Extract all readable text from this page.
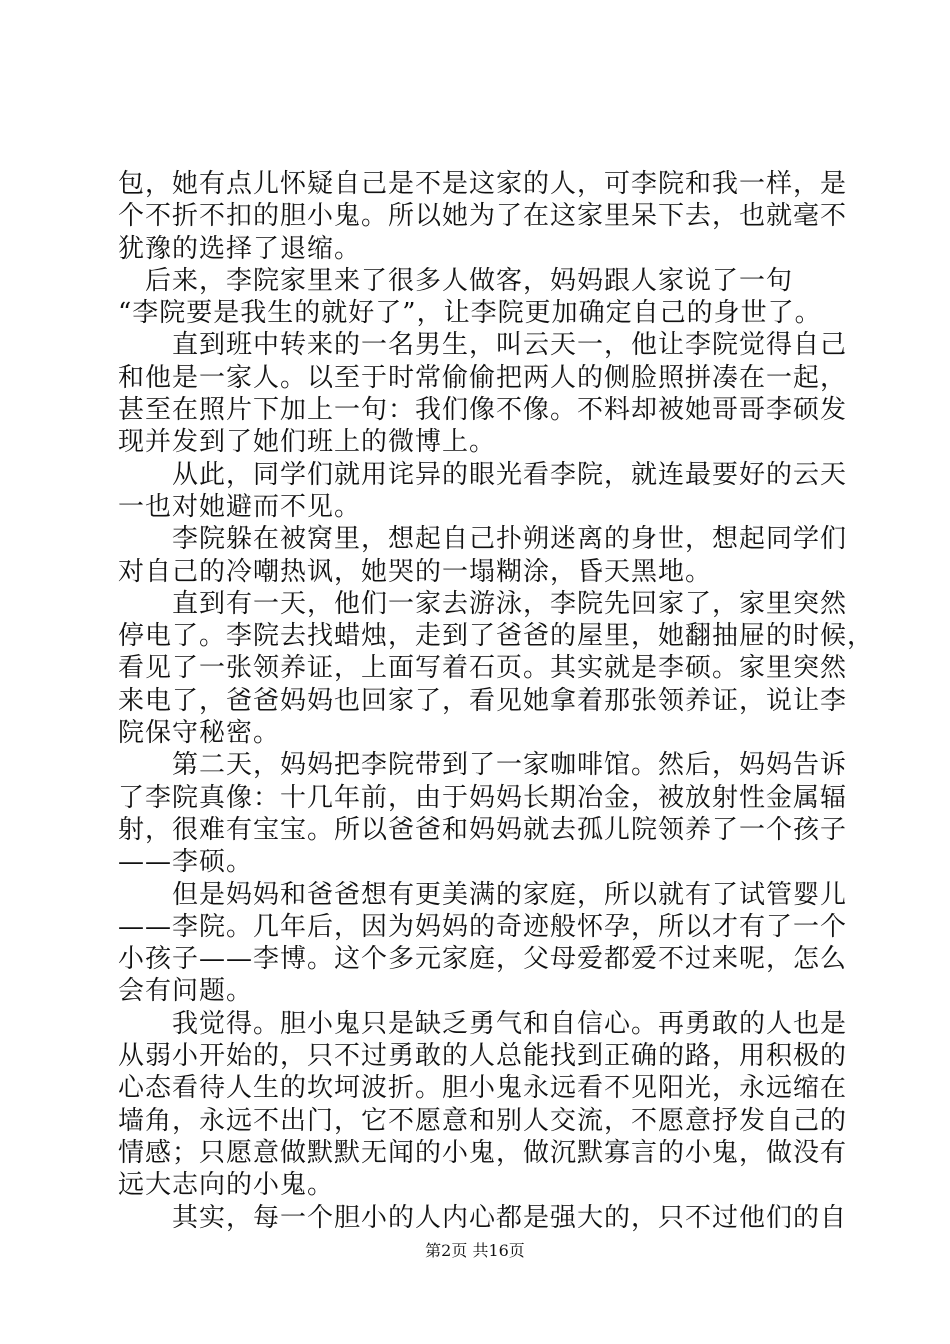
包，她有点儿怀疑自己是不是这家的人，可李院和我一样，是
个不折不扣的胆小鬼。所以她为了在这家里呆下去，也就毫不
犹豫的选择了退缩。
　后来，李院家里来了很多人做客，妈妈跟人家说了一句
“李院要是我生的就好了”，让李院更加确定自己的身世了。
　　直到班中转来的一名男生，叫云天一，他让李院觉得自己
和他是一家人。以至于时常偷偷把两人的侧脸照拼凑在一起，
甚至在照片下加上一句：我们像不像。不料却被她哥哥李硕发
现并发到了她们班上的微博上。
　　从此，同学们就用诧异的眼光看李院，就连最要好的云天
一也对她避而不见。
　　李院躲在被窝里，想起自己扑朔迷离的身世，想起同学们
对自己的冷嘲热讽，她哭的一塌糊涂，昏天黑地。
　　直到有一天，他们一家去游泳，李院先回家了，家里突然
停电了。李院去找蜡烛，走到了爸爸的屋里，她翻抽屉的时候，
看见了一张领养证，上面写着石页。其实就是李硕。家里突然
来电了，爸爸妈妈也回家了，看见她拿着那张领养证，说让李
院保守秘密。
　　第二天，妈妈把李院带到了一家咖啡馆。然后，妈妈告诉
了李院真像：十几年前，由于妈妈长期冶金，被放射性金属辐
射，很难有宝宝。所以爸爸和妈妈就去孤儿院领养了一个孩子
——李硕。
　　但是妈妈和爸爸想有更美满的家庭，所以就有了试管婴儿
——李院。几年后，因为妈妈的奇迹般怀孕，所以才有了一个
小孩子——李博。这个多元家庭，父母爱都爱不过来呢，怎么
会有问题。
　　我觉得。胆小鬼只是缺乏勇气和自信心。再勇敢的人也是
从弱小开始的，只不过勇敢的人总能找到正确的路，用积极的
心态看待人生的坎坷波折。胆小鬼永远看不见阳光，永远缩在
墙角，永远不出门，它不愿意和别人交流，不愿意抒发自己的
情感；只愿意做默默无闻的小鬼，做沉默寡言的小鬼，做没有
远大志向的小鬼。
　　其实，每一个胆小的人内心都是强大的，只不过他们的自
第2页 共16页
